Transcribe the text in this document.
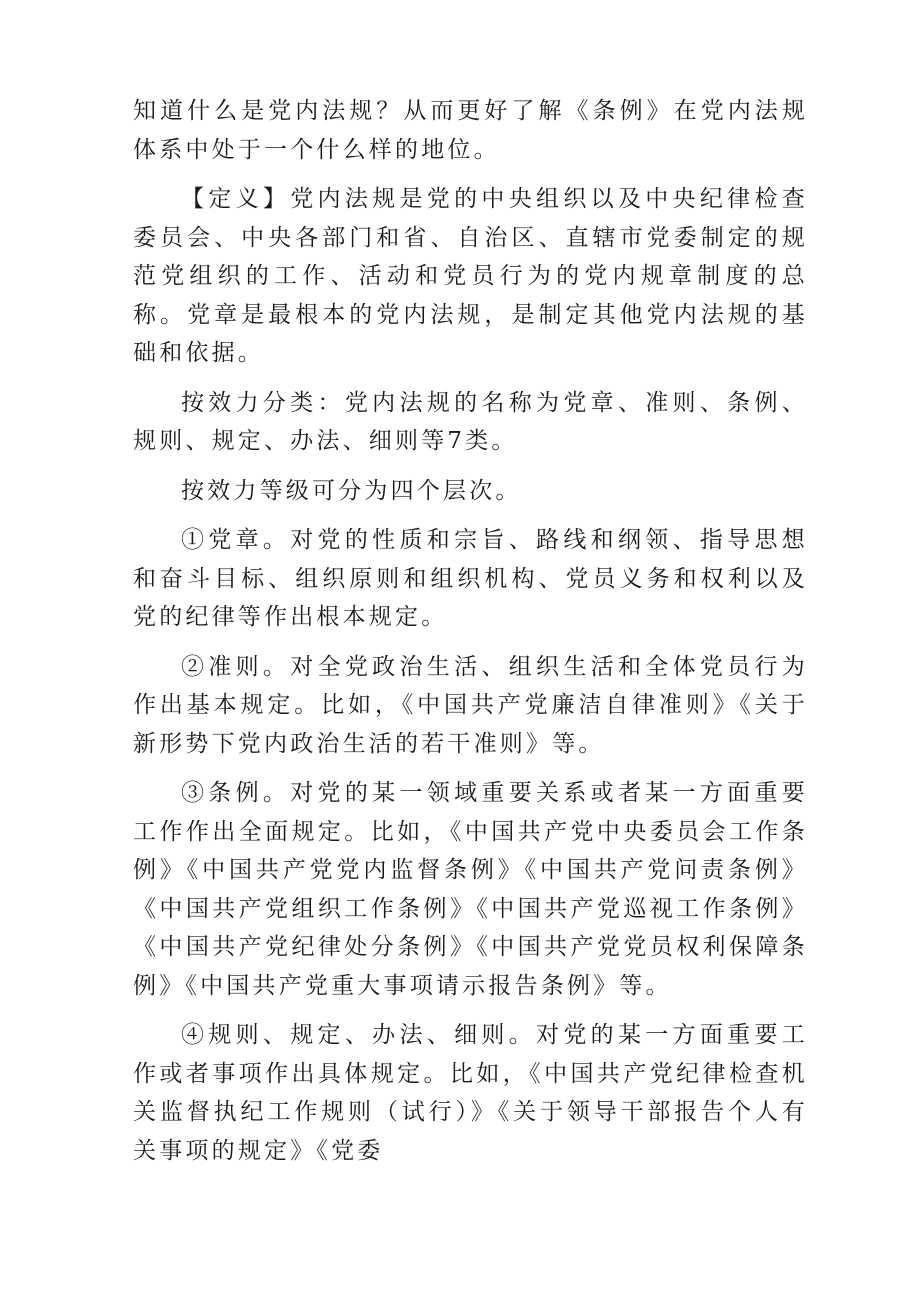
知道什么是党内法规？从而更好了解《条例》在党内法规体系中处于一个什么样的地位。

【定义】党内法规是党的中央组织以及中央纪律检查委员会、中央各部门和省、自治区、直辖市党委制定的规范党组织的工作、活动和党员行为的党内规章制度的总称。党章是最根本的党内法规，是制定其他党内法规的基础和依据。

按效力分类：党内法规的名称为党章、准则、条例、规则、规定、办法、细则等7类。

按效力等级可分为四个层次。

①党章。对党的性质和宗旨、路线和纲领、指导思想和奋斗目标、组织原则和组织机构、党员义务和权利以及党的纪律等作出根本规定。

②准则。对全党政治生活、组织生活和全体党员行为作出基本规定。比如，《中国共产党廉洁自律准则》《关于新形势下党内政治生活的若干准则》等。

③条例。对党的某一领域重要关系或者某一方面重要工作作出全面规定。比如，《中国共产党中央委员会工作条例》《中国共产党党内监督条例》《中国共产党问责条例》《中国共产党组织工作条例》《中国共产党巡视工作条例》《中国共产党纪律处分条例》《中国共产党党员权利保障条例》《中国共产党重大事项请示报告条例》等。

④规则、规定、办法、细则。对党的某一方面重要工作或者事项作出具体规定。比如，《中国共产党纪律检查机关监督执纪工作规则（试行）》《关于领导干部报告个人有关事项的规定》《党委
